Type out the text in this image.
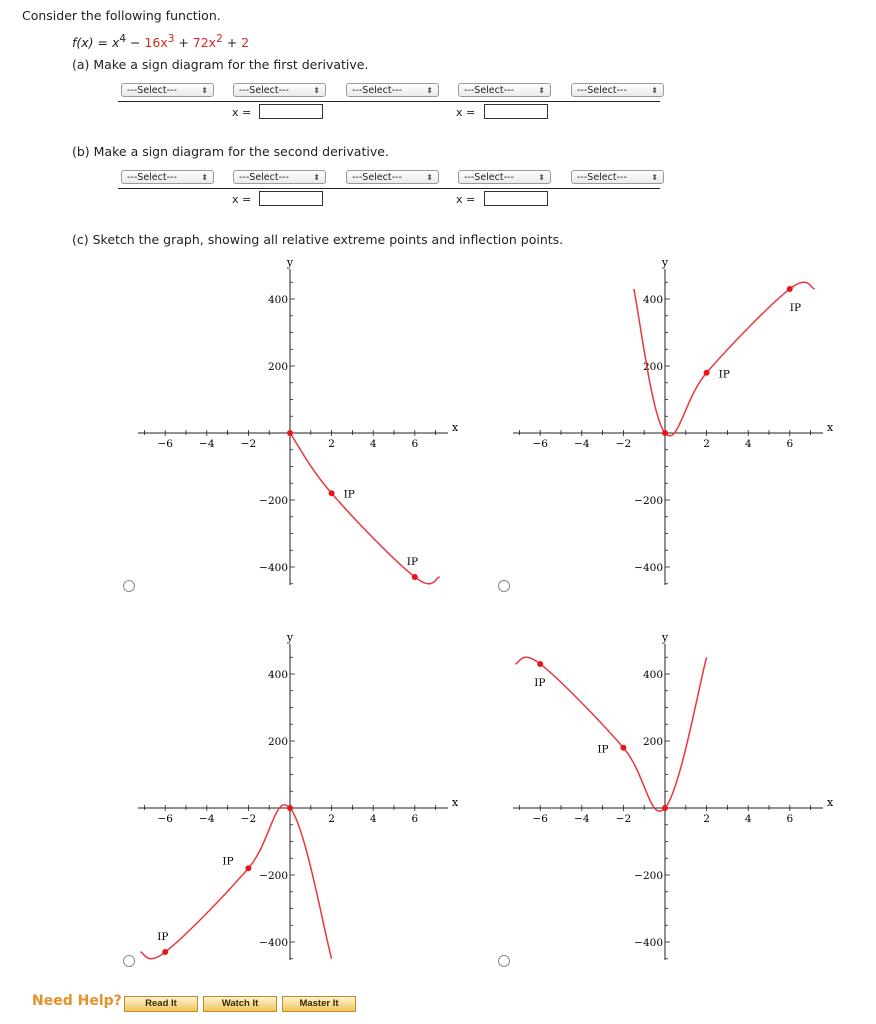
Consider the following function.
$f(x) = x^4 - 16x^3 + 72x^2 + 2$
(a) Make a sign diagram for the first derivative.
---Select---	⬍	---Select---	⬍	---Select---	⬍	---Select---	⬍	---Select---	⬍
x =	x =
(b) Make a sign diagram for the second derivative.
---Select---	⬍	---Select---	⬍	---Select---	⬍	---Select---	⬍	---Select---	⬍
x =	x =
(c) Sketch the graph, showing all relative extreme points and inflection points.
x
−6 −4 −2	2	4	6
y
400
200
−200
−400
IP
IP
x
−6 −4 −2	2	4	6
y
400
200
−200
−400
IP
IP
x
−6 −4 −2	2	4	6
y
400
200
−200
−400
IP
IP
x
−6 −4 −2	2	4	6
y
400
200
−200
−400
IP
IP
Need Help?	Read It	Watch It	Master It
